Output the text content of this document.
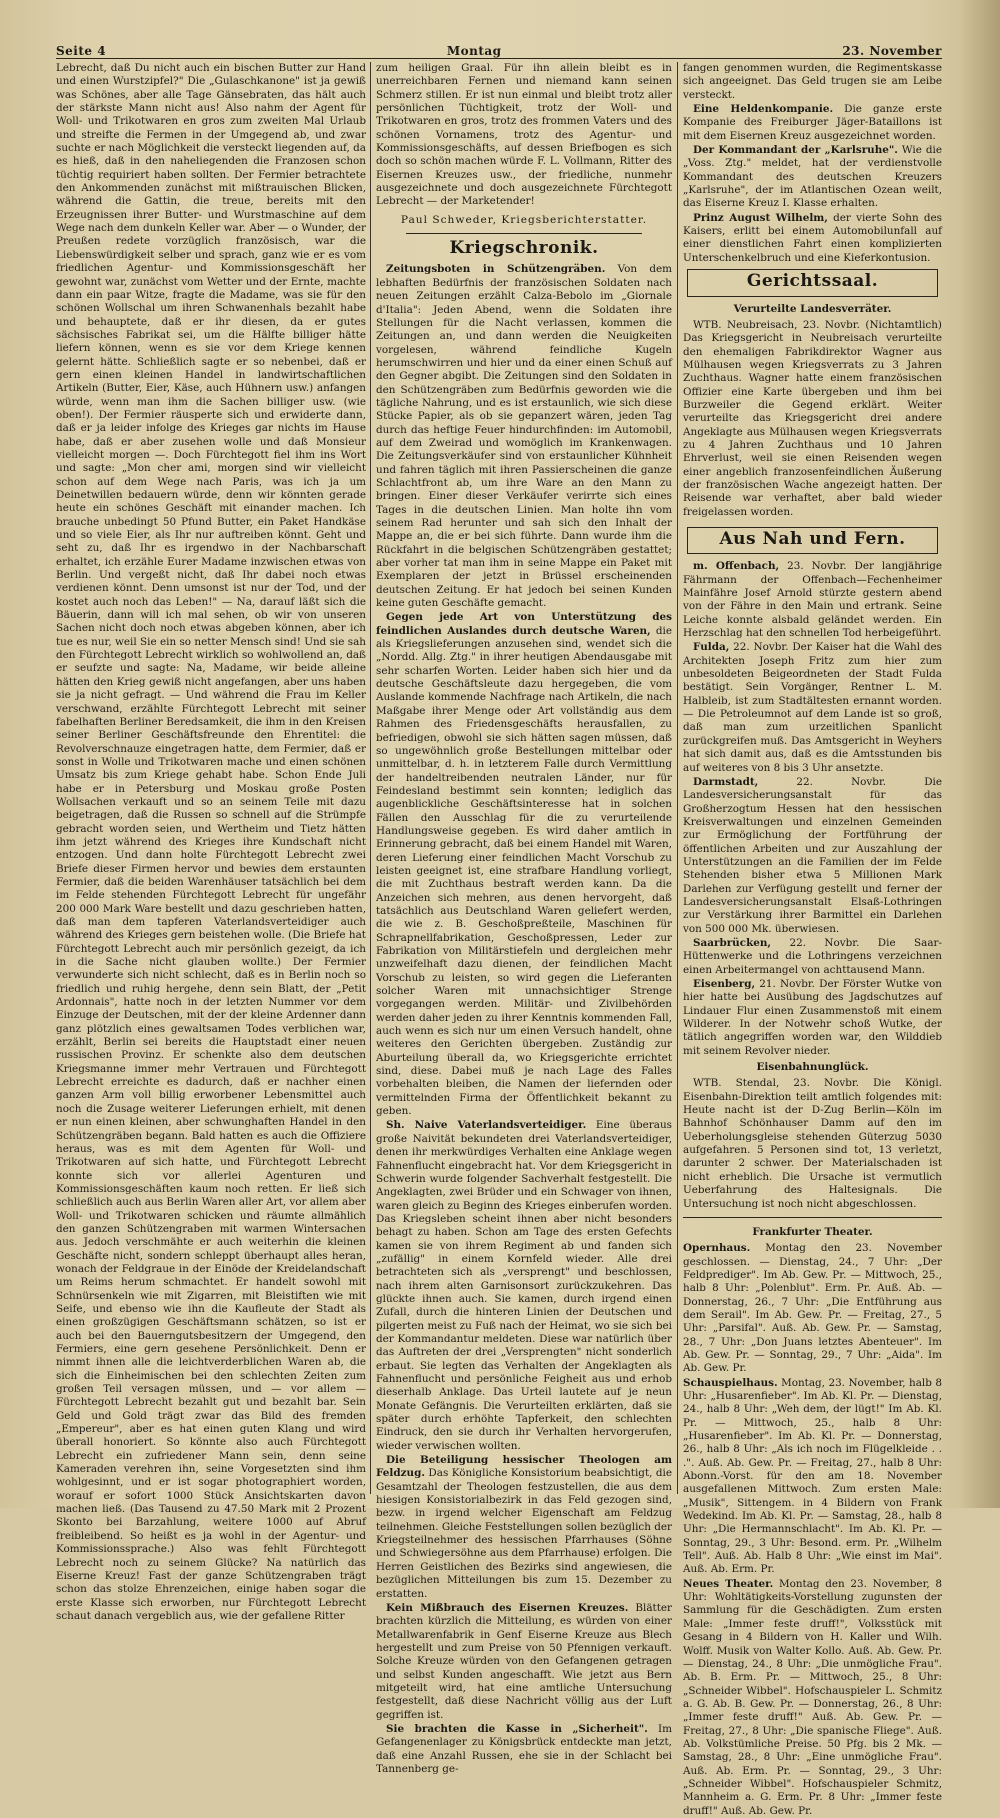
Seite 4	Montag	23. November

Lebrecht, daß Du nicht auch ein bischen Butter zur Hand und einen Wurstzipfel?" Die „Gulaschkanone" ist ja gewiß was Schönes, aber alle Tage Gänsebraten, das hält auch der stärkste Mann nicht aus! Also nahm der Agent für Woll- und Trikotwaren en gros zum zweiten Mal Urlaub und streifte die Fermen in der Umgegend ab, und zwar suchte er nach Möglichkeit die versteckt liegenden auf, da es hieß, daß in den naheliegenden die Franzosen schon tüchtig requiriert haben sollten. Der Fermier betrachtete den Ankommenden zunächst mit mißtrauischen Blicken, während die Gattin, die treue, bereits mit den Erzeugnissen ihrer Butter- und Wurstmaschine auf dem Wege nach dem dunkeln Keller war. Aber — o Wunder, der Preußen redete vorzüglich französisch, war die Liebenswürdigkeit selber und sprach, ganz wie er es vom friedlichen Agentur- und Kommissionsgeschäft her gewohnt war, zunächst vom Wetter und der Ernte, machte dann ein paar Witze, fragte die Madame, was sie für den schönen Wollschal um ihren Schwanenhals bezahlt habe und behauptete, daß er ihr diesen, da er gutes sächsisches Fabrikat sei, um die Hälfte billiger hätte liefern können, wenn es sie vor dem Kriege kennen gelernt hätte. Schließlich sagte er so nebenbei, daß er gern einen kleinen Handel in landwirtschaftlichen Artikeln (Butter, Eier, Käse, auch Hühnern usw.) anfangen würde, wenn man ihm die Sachen billiger usw. (wie oben!). Der Fermier räusperte sich und erwiderte dann, daß er ja leider infolge des Krieges gar nichts im Hause habe, daß er aber zusehen wolle und daß Monsieur vielleicht morgen —. Doch Fürchtegott fiel ihm ins Wort und sagte: „Mon cher ami, morgen sind wir vielleicht schon auf dem Wege nach Paris, was ich ja um Deinetwillen bedauern würde, denn wir könnten gerade heute ein schönes Geschäft mit einander machen. Ich brauche unbedingt 50 Pfund Butter, ein Paket Handkäse und so viele Eier, als Ihr nur auftreiben könnt. Geht und seht zu, daß Ihr es irgendwo in der Nachbarschaft erhaltet, ich erzähle Eurer Madame inzwischen etwas von Berlin. Und vergeßt nicht, daß Ihr dabei noch etwas verdienen könnt. Denn umsonst ist nur der Tod, und der kostet auch noch das Leben!" — Na, darauf läßt sich die Bäuerin, dann will ich mal sehen, ob wir von unseren Sachen nicht doch noch etwas abgeben können, aber ich tue es nur, weil Sie ein so netter Mensch sind! Und sie sah den Fürchtegott Lebrecht wirklich so wohlwollend an, daß er seufzte und sagte: Na, Madame, wir beide alleine hätten den Krieg gewiß nicht angefangen, aber uns haben sie ja nicht gefragt. — Und während die Frau im Keller verschwand, erzählte Fürchtegott Lebrecht mit seiner fabelhaften Berliner Beredsamkeit, die ihm in den Kreisen seiner Berliner Geschäftsfreunde den Ehrentitel: die Revolverschnauze eingetragen hatte, dem Fermier, daß er sonst in Wolle und Trikotwaren mache und einen schönen Umsatz bis zum Kriege gehabt habe. Schon Ende Juli habe er in Petersburg und Moskau große Posten Wollsachen verkauft und so an seinem Teile mit dazu beigetragen, daß die Russen so schnell auf die Strümpfe gebracht worden seien, und Wertheim und Tietz hätten ihm jetzt während des Krieges ihre Kundschaft nicht entzogen. Und dann holte Fürchtegott Lebrecht zwei Briefe dieser Firmen hervor und bewies dem erstaunten Fermier, daß die beiden Warenhäuser tatsächlich bei dem im Felde stehenden Fürchtegott Lebrecht für ungefähr 200 000 Mark Ware bestellt und dazu geschrieben hatten, daß man dem tapferen Vaterlandsverteidiger auch während des Krieges gern beistehen wolle. (Die Briefe hat Fürchtegott Lebrecht auch mir persönlich gezeigt, da ich in die Sache nicht glauben wollte.) Der Fermier verwunderte sich nicht schlecht, daß es in Berlin noch so friedlich und ruhig hergehe, denn sein Blatt, der „Petit Ardonnais", hatte noch in der letzten Nummer vor dem Einzuge der Deutschen, mit der der kleine Ardenner dann ganz plötzlich eines gewaltsamen Todes verblichen war, erzählt, Berlin sei bereits die Hauptstadt einer neuen russischen Provinz. Er schenkte also dem deutschen Kriegsmanne immer mehr Vertrauen und Fürchtegott Lebrecht erreichte es dadurch, daß er nachher einen ganzen Arm voll billig erworbener Lebensmittel auch noch die Zusage weiterer Lieferungen erhielt, mit denen er nun einen kleinen, aber schwunghaften Handel in den Schützengräben begann. Bald hatten es auch die Offiziere heraus, was es mit dem Agenten für Woll- und Trikotwaren auf sich hatte, und Fürchtegott Lebrecht konnte sich vor allerlei Agenturen und Kommissionsgeschäften kaum noch retten. Er ließ sich schließlich auch aus Berlin Waren aller Art, vor allem aber Woll- und Trikotwaren schicken und räumte allmählich den ganzen Schützengraben mit warmen Wintersachen aus. Jedoch verschmähte er auch weiterhin die kleinen Geschäfte nicht, sondern schleppt überhaupt alles heran, wonach der Feldgraue in der Einöde der Kreidelandschaft um Reims herum schmachtet. Er handelt sowohl mit Schnürsenkeln wie mit Zigarren, mit Bleistiften wie mit Seife, und ebenso wie ihn die Kaufleute der Stadt als einen großzügigen Geschäftsmann schätzen, so ist er auch bei den Bauerngutsbesitzern der Umgegend, den Fermiers, eine gern gesehene Persönlichkeit. Denn er nimmt ihnen alle die leichtverderblichen Waren ab, die sich die Einheimischen bei den schlechten Zeiten zum großen Teil versagen müssen, und — vor allem — Fürchtegott Lebrecht bezahlt gut und bezahlt bar. Sein Geld und Gold trägt zwar das Bild des fremden „Empereur", aber es hat einen guten Klang und wird überall honoriert. So könnte also auch Fürchtegott Lebrecht ein zufriedener Mann sein, denn seine Kameraden verehren ihn, seine Vorgesetzten sind ihm wohlgesinnt, und er ist sogar photographiert worden, worauf er sofort 1000 Stück Ansichtskarten davon machen ließ. (Das Tausend zu 47.50 Mark mit 2 Prozent Skonto bei Barzahlung, weitere 1000 auf Abruf freibleibend. So heißt es ja wohl in der Agentur- und Kommissionssprache.) Also was fehlt Fürchtegott Lebrecht noch zu seinem Glücke? Na natürlich das Eiserne Kreuz! Fast der ganze Schützengraben trägt schon das stolze Ehrenzeichen, einige haben sogar die erste Klasse sich erworben, nur Fürchtegott Lebrecht schaut danach vergeblich aus, wie der gefallene Ritter

zum heiligen Graal. Für ihn allein bleibt es in unerreichbaren Fernen und niemand kann seinen Schmerz stillen. Er ist nun einmal und bleibt trotz aller persönlichen Tüchtigkeit, trotz der Woll- und Trikotwaren en gros, trotz des frommen Vaters und des schönen Vornamens, trotz des Agentur- und Kommissionsgeschäfts, auf dessen Briefbogen es sich doch so schön machen würde F. L. Vollmann, Ritter des Eisernen Kreuzes usw., der friedliche, nunmehr ausgezeichnete und doch ausgezeichnete Fürchtegott Lebrecht — der Marketender!

Paul Schweder, Kriegsberichterstatter.
Kriegschronik.

Zeitungsboten in Schützengräben. Von dem lebhaften Bedürfnis der französischen Soldaten nach neuen Zeitungen erzählt Calza-Bebolo im „Giornale d'Italia": Jeden Abend, wenn die Soldaten ihre Stellungen für die Nacht verlassen, kommen die Zeitungen an, und dann werden die Neuigkeiten vorgelesen, während feindliche Kugeln herumschwirren und hier und da einer einen Schuß auf den Gegner abgibt. Die Zeitungen sind den Soldaten in den Schützengräben zum Bedürfnis geworden wie die tägliche Nahrung, und es ist erstaunlich, wie sich diese Stücke Papier, als ob sie gepanzert wären, jeden Tag durch das heftige Feuer hindurchfinden: im Automobil, auf dem Zweirad und womöglich im Krankenwagen. Die Zeitungsverkäufer sind von erstaunlicher Kühnheit und fahren täglich mit ihren Passierscheinen die ganze Schlachtfront ab, um ihre Ware an den Mann zu bringen. Einer dieser Verkäufer verirrte sich eines Tages in die deutschen Linien. Man holte ihn vom seinem Rad herunter und sah sich den Inhalt der Mappe an, die er bei sich führte. Dann wurde ihm die Rückfahrt in die belgischen Schützengräben gestattet; aber vorher tat man ihm in seine Mappe ein Paket mit Exemplaren der jetzt in Brüssel erscheinenden deutschen Zeitung. Er hat jedoch bei seinen Kunden keine guten Geschäfte gemacht.

Gegen jede Art von Unterstützung des feindlichen Auslandes durch deutsche Waren, die als Kriegslieferungen anzusehen sind, wendet sich die „Nordd. Allg. Ztg." in ihrer heutigen Abendausgabe mit sehr scharfen Worten. Leider haben sich hier und da deutsche Geschäftsleute dazu hergegeben, die vom Auslande kommende Nachfrage nach Artikeln, die nach Maßgabe ihrer Menge oder Art vollständig aus dem Rahmen des Friedensgeschäfts herausfallen, zu befriedigen, obwohl sie sich hätten sagen müssen, daß so ungewöhnlich große Bestellungen mittelbar oder unmittelbar, d. h. in letzterem Falle durch Vermittlung der handeltreibenden neutralen Länder, nur für Feindesland bestimmt sein konnten; lediglich das augenblickliche Geschäftsinteresse hat in solchen Fällen den Ausschlag für die zu verurteilende Handlungsweise gegeben. Es wird daher amtlich in Erinnerung gebracht, daß bei einem Handel mit Waren, deren Lieferung einer feindlichen Macht Vorschub zu leisten geeignet ist, eine strafbare Handlung vorliegt, die mit Zuchthaus bestraft werden kann. Da die Anzeichen sich mehren, aus denen hervorgeht, daß tatsächlich aus Deutschland Waren geliefert werden, die wie z. B. Geschoßpreßteile, Maschinen für Schrapnellfabrikation, Geschoßpressen, Leder zur Fabrikation von Militärstiefeln und dergleichen mehr unzweifelhaft dazu dienen, der feindlichen Macht Vorschub zu leisten, so wird gegen die Lieferanten solcher Waren mit unnachsichtiger Strenge vorgegangen werden. Militär- und Zivilbehörden werden daher jeden zu ihrer Kenntnis kommenden Fall, auch wenn es sich nur um einen Versuch handelt, ohne weiteres den Gerichten übergeben. Zuständig zur Aburteilung überall da, wo Kriegsgerichte errichtet sind, diese. Dabei muß je nach Lage des Falles vorbehalten bleiben, die Namen der liefernden oder vermittelnden Firma der Öffentlichkeit bekannt zu geben.

Sh. Naive Vaterlandsverteidiger. Eine überaus große Naivität bekundeten drei Vaterlandsverteidiger, denen ihr merkwürdiges Verhalten eine Anklage wegen Fahnenflucht eingebracht hat. Vor dem Kriegsgericht in Schwerin wurde folgender Sachverhalt festgestellt. Die Angeklagten, zwei Brüder und ein Schwager von ihnen, waren gleich zu Beginn des Krieges einberufen worden. Das Kriegsleben scheint ihnen aber nicht besonders behagt zu haben. Schon am Tage des ersten Gefechts kamen sie von ihrem Regiment ab und fanden sich „zufällig" in einem Kornfeld wieder. Alle drei betrachteten sich als „versprengt" und beschlossen, nach ihrem alten Garnisonsort zurückzukehren. Das glückte ihnen auch. Sie kamen, durch irgend einen Zufall, durch die hinteren Linien der Deutschen und pilgerten meist zu Fuß nach der Heimat, wo sie sich bei der Kommandantur meldeten. Diese war natürlich über das Auftreten der drei „Versprengten" nicht sonderlich erbaut. Sie legten das Verhalten der Angeklagten als Fahnenflucht und persönliche Feigheit aus und erhob dieserhalb Anklage. Das Urteil lautete auf je neun Monate Gefängnis. Die Verurteilten erklärten, daß sie später durch erhöhte Tapferkeit, den schlechten Eindruck, den sie durch ihr Verhalten hervorgerufen, wieder verwischen wollten.

Die Beteiligung hessischer Theologen am Feldzug. Das Königliche Konsistorium beabsichtigt, die Gesamtzahl der Theologen festzustellen, die aus dem hiesigen Konsistorialbezirk in das Feld gezogen sind, bezw. in irgend welcher Eigenschaft am Feldzug teilnehmen. Gleiche Feststellungen sollen bezüglich der Kriegsteilnehmer des hessischen Pfarrhauses (Söhne und Schwiegersöhne aus dem Pfarrhause) erfolgen. Die Herren Geistlichen des Bezirks sind angewiesen, die bezüglichen Mitteilungen bis zum 15. Dezember zu erstatten.

Kein Mißbrauch des Eisernen Kreuzes. Blätter brachten kürzlich die Mitteilung, es würden von einer Metallwarenfabrik in Genf Eiserne Kreuze aus Blech hergestellt und zum Preise von 50 Pfennigen verkauft. Solche Kreuze würden von den Gefangenen getragen und selbst Kunden angeschafft. Wie jetzt aus Bern mitgeteilt wird, hat eine amtliche Untersuchung festgestellt, daß diese Nachricht völlig aus der Luft gegriffen ist.

Sie brachten die Kasse in „Sicherheit". Im Gefangenenlager zu Königsbrück entdeckte man jetzt, daß eine Anzahl Russen, ehe sie in der Schlacht bei Tannenberg ge-

fangen genommen wurden, die Regimentskasse sich angeeignet. Das Geld trugen sie am Leibe versteckt.

Eine Heldenkompanie. Die ganze erste Kompanie des Freiburger Jäger-Bataillons ist mit dem Eisernen Kreuz ausgezeichnet worden.

Der Kommandant der „Karlsruhe". Wie die „Voss. Ztg." meldet, hat der verdienstvolle Kommandant des deutschen Kreuzers „Karlsruhe", der im Atlantischen Ozean weilt, das Eiserne Kreuz I. Klasse erhalten.

Prinz August Wilhelm, der vierte Sohn des Kaisers, erlitt bei einem Automobilunfall auf einer dienstlichen Fahrt einen komplizierten Unterschenkelbruch und eine Kieferkontusion.

Gerichtssaal.
Verurteilte Landesverräter.

WTB. Neubreisach, 23. Novbr. (Nichtamtlich) Das Kriegsgericht in Neubreisach verurteilte den ehemaligen Fabrikdirektor Wagner aus Mülhausen wegen Kriegsverrats zu 3 Jahren Zuchthaus. Wagner hatte einem französischen Offizier eine Karte übergeben und ihm bei Burzweiler die Gegend erklärt. Weiter verurteilte das Kriegsgericht drei andere Angeklagte aus Mülhausen wegen Kriegsverrats zu 4 Jahren Zuchthaus und 10 Jahren Ehrverlust, weil sie einen Reisenden wegen einer angeblich franzosenfeindlichen Äußerung der französischen Wache angezeigt hatten. Der Reisende war verhaftet, aber bald wieder freigelassen worden.

Aus Nah und Fern.

m. Offenbach, 23. Novbr. Der langjährige Fährmann der Offenbach—Fechenheimer Mainfähre Josef Arnold stürzte gestern abend von der Fähre in den Main und ertrank. Seine Leiche konnte alsbald geländet werden. Ein Herzschlag hat den schnellen Tod herbeigeführt.

Fulda, 22. Novbr. Der Kaiser hat die Wahl des Architekten Joseph Fritz zum hier zum unbesoldeten Beigeordneten der Stadt Fulda bestätigt. Sein Vorgänger, Rentner L. M. Halbleib, ist zum Stadtältesten ernannt worden. — Die Petroleumnot auf dem Lande ist so groß, daß man zum urzeitlichen Spanlicht zurückgreifen muß. Das Amtsgericht in Weyhers hat sich damit aus, daß es die Amtsstunden bis auf weiteres von 8 bis 3 Uhr ansetzte.

Darmstadt,	22. Novbr. Die Landesversicherungsanstalt für das Großherzogtum Hessen hat den hessischen Kreisverwaltungen und einzelnen Gemeinden zur Ermöglichung der Fortführung der öffentlichen Arbeiten und zur Auszahlung der Unterstützungen an die Familien der im Felde Stehenden bisher etwa 5 Millionen Mark Darlehen zur Verfügung gestellt und ferner der Landesversicherungsanstalt Elsaß-Lothringen zur Verstärkung ihrer Barmittel ein Darlehen von 500 000 Mk. überwiesen.

Saarbrücken, 22. Novbr. Die Saar-Hüttenwerke und die Lothringens verzeichnen einen Arbeitermangel von achttausend Mann.

Eisenberg, 21. Novbr. Der Förster Wutke von hier hatte bei Ausübung des Jagdschutzes auf Lindauer Flur einen Zusammenstoß mit einem Wilderer. In der Notwehr schoß Wutke, der tätlich angegriffen worden war, den Wilddieb mit seinem Revolver nieder.

Eisenbahnunglück.

WTB. Stendal, 23. Novbr. Die Königl. Eisenbahn-Direktion teilt amtlich folgendes mit: Heute nacht ist der D-Zug Berlin—Köln im Bahnhof Schönhauser Damm auf den im Ueberholungsgleise stehenden Güterzug 5030 aufgefahren. 5 Personen sind tot, 13 verletzt, darunter 2 schwer. Der Materialschaden ist nicht erheblich. Die Ursache ist vermutlich Ueberfahrung des Haltesignals. Die Untersuchung ist noch nicht abgeschlossen.

Frankfurter Theater.

Opernhaus. Montag den 23. November geschlossen. — Dienstag, 24., 7 Uhr: „Der Feldprediger". Im Ab. Gew. Pr. — Mittwoch, 25., halb 8 Uhr: „Polenblut". Erm. Pr. Auß. Ab. — Donnerstag, 26., 7 Uhr: „Die Entführung aus dem Serail". Im Ab. Gew. Pr. — Freitag, 27., 5 Uhr: „Parsifal". Auß. Ab. Gew. Pr. — Samstag, 28., 7 Uhr: „Don Juans letztes Abenteuer". Im Ab. Gew. Pr. — Sonntag, 29., 7 Uhr: „Aida". Im Ab. Gew. Pr.

Schauspielhaus. Montag, 23. November, halb 8 Uhr: „Husarenfieber". Im Ab. Kl. Pr. — Dienstag, 24., halb 8 Uhr: „Weh dem, der lügt!" Im Ab. Kl. Pr. — Mittwoch, 25., halb 8 Uhr: „Husarenfieber". Im Ab. Kl. Pr. — Donnerstag, 26., halb 8 Uhr: „Als ich noch im Flügelkleide . . .". Auß. Ab. Gew. Pr. — Freitag, 27., halb 8 Uhr: Abonn.-Vorst. für den am 18. November ausgefallenen Mittwoch. Zum ersten Male: „Musik", Sittengem. in 4 Bildern von Frank Wedekind. Im Ab. Kl. Pr. — Samstag, 28., halb 8 Uhr: „Die Hermannschlacht". Im Ab. Kl. Pr. — Sonntag, 29., 3 Uhr: Besond. erm. Pr. „Wilhelm Tell". Auß. Ab. Halb 8 Uhr: „Wie einst im Mai". Auß. Ab. Erm. Pr.

Neues Theater. Montag den 23. November, 8 Uhr: Wohltätigkeits-Vorstellung zugunsten der Sammlung für die Geschädigten. Zum ersten Male: „Immer feste druff!", Volksstück mit Gesang in 4 Bildern von H. Kaller und Wilh. Wolff. Musik von Walter Kollo. Auß. Ab. Gew. Pr. — Dienstag, 24., 8 Uhr: „Die unmögliche Frau". Ab. B. Erm. Pr. — Mittwoch, 25., 8 Uhr: „Schneider Wibbel". Hofschauspieler L. Schmitz a. G. Ab. B. Gew. Pr. — Donnerstag, 26., 8 Uhr: „Immer feste druff!" Auß. Ab. Gew. Pr. — Freitag, 27., 8 Uhr: „Die spanische Fliege". Auß. Ab. Volkstümliche Preise. 50 Pfg. bis 2 Mk. — Samstag, 28., 8 Uhr: „Eine unmögliche Frau". Auß. Ab. Erm. Pr. — Sonntag, 29., 3 Uhr: „Schneider Wibbel". Hofschauspieler Schmitz, Mannheim a. G. Erm. Pr. 8 Uhr: „Immer feste druff!" Auß. Ab. Gew. Pr.
